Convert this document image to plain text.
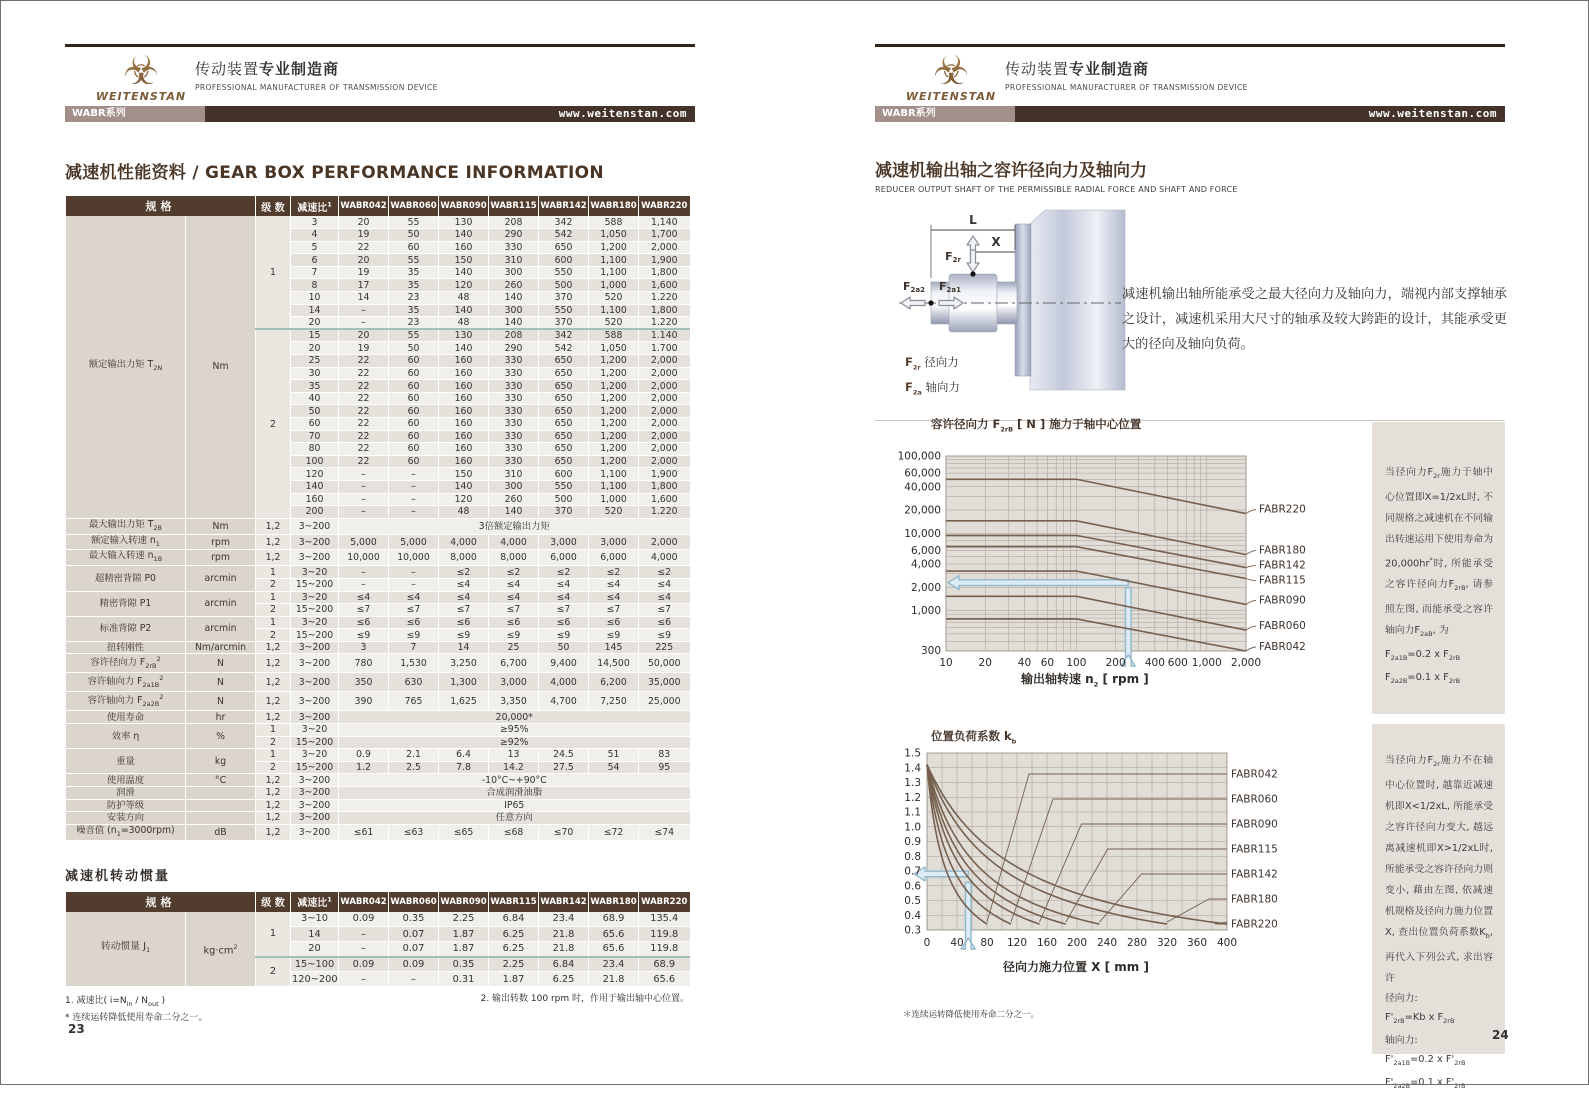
☣
WEITENSTAN
传动装置专业制造商
PROFESSIONAL MANUFACTURER OF TRANSMISSION DEVICE
WABR系列	www.weitenstan.com
减速机性能资料 / GEAR BOX PERFORMANCE INFORMATION
规格		级 数	减速比$^1$	WABR042	WABR060	WABR090	WABR115	WABR142	WABR180	WABR220
额定输出力矩 $T_{2N}$	Nm	1	3	20	55	130	208	342	588	1,140
			4	19	50	140	290	542	1,050	1,700
			5	22	60	160	330	650	1,200	2,000
			6	20	55	150	310	600	1,100	1,900
			7	19	35	140	300	550	1,100	1,800
			8	17	35	120	260	500	1,000	1,600
			10	14	23	48	140	370	520	1.220
			14	–	35	140	300	550	1,100	1,800
			20	–	23	48	140	370	520	1.220
		2	15	20	55	130	208	342	588	1.140
			20	19	50	140	290	542	1,050	1.700
			25	22	60	160	330	650	1,200	2,000
			30	22	60	160	330	650	1,200	2,000
			35	22	60	160	330	650	1,200	2,000
			40	22	60	160	330	650	1,200	2,000
			50	22	60	160	330	650	1,200	2,000
			60	22	60	160	330	650	1,200	2,000
			70	22	60	160	330	650	1,200	2,000
			80	22	60	160	330	650	1,200	2,000
			100	22	60	160	330	650	1,200	2,000
			120	–	–	150	310	600	1,100	1,900
			140	–	–	140	300	550	1,100	1,800
			160	–	–	120	260	500	1,000	1,600
			200	–	–	48	140	370	520	1.220
最大输出力矩 $T_{2B}$	Nm	1,2	3~200	3倍额定输出力矩						
额定输入转速 $n_1$	rpm	1,2	3~200	5,000	5,000	4,000	4,000	3,000	3,000	2,000
最大输入转速 $n_{1B}$	rpm	1,2	3~200	10,000	10,000	8,000	8,000	6,000	6,000	4,000
超精密背隙 P0	arcmin	1	3~20	–	–	≤2	≤2	≤2	≤2	≤2
		2	15~200	–	–	≤4	≤4	≤4	≤4	≤4
精密背隙 P1	arcmin	1	3~20	≤4	≤4	≤4	≤4	≤4	≤4	≤4
		2	15~200	≤7	≤7	≤7	≤7	≤7	≤7	≤7
标准背隙 P2	arcmin	1	3~20	≤6	≤6	≤6	≤6	≤6	≤6	≤6
		2	15~200	≤9	≤9	≤9	≤9	≤9	≤9	≤9
扭转刚性	Nm/arcmin	1,2	3~200	3	7	14	25	50	145	225
容许径向力 $F_{2rB}^2$	N	1,2	3~200	780	1,530	3,250	6,700	9,400	14,500	50,000
容许轴向力 $F_{2a1B}^2$	N	1,2	3~200	350	630	1,300	3,000	4,000	6,200	35,000
容许轴向力 $F_{2a2B}^2$	N	1,2	3~200	390	765	1,625	3,350	4,700	7,250	25,000
使用寿命	hr	1,2	3~200	20,000*						
效率 η	%	1	3~20	≥95%						
		2	15~200	≥92%						
重量	kg	1	3~20	0.9	2.1	6.4	13	24.5	51	83
		2	15~200	1.2	2.5	7.8	14.2	27.5	54	95
使用温度	°C	1,2	3~200	-10°C~+90°C						
润滑		1,2	3~200	合成润滑油脂						
防护等级		1,2	3~200	IP65						
安装方向		1,2	3~200	任意方向						
噪音值 $(n_1=3000rpm)$	dB	1,2	3~200	≤61	≤63	≤65	≤68	≤70	≤72	≤74
减速机转动惯量
规格		级 数	减速比$^1$	WABR042	WABR060	WABR090	WABR115	WABR142	WABR180	WABR220
转动惯量 $J_1$	$kg\cdot cm^2$	1	3~10	0.09	0.35	2.25	6.84	23.4	68.9	135.4
			14	–	0.07	1.87	6.25	21.8	65.6	119.8
			20	–	0.07	1.87	6.25	21.8	65.6	119.8
		2	15~100	0.09	0.09	0.35	2.25	6.84	23.4	68.9
			120~200	–	–	0.31	1.87	6.25	21.8	65.6
1. 减速比( $i=N_{in} / N_{out}$ )
* 连续运转降低使用寿命二分之一。
2. 输出转数 100 rpm 时，作用于输出轴中心位置。
23
☣
WEITENSTAN
传动装置专业制造商
PROFESSIONAL MANUFACTURER OF TRANSMISSION DEVICE
WABR系列	www.weitenstan.com
减速机输出轴之容许径向力及轴向力
REDUCER OUTPUT SHAFT OF THE PERMISSIBLE RADIAL FORCE AND SHAFT AND FORCE
L
X
F2r
F2a2 F2a1	减速机输出轴所能承受之最大径向力及轴向力，端视内部支撑轴承之设计，减速机采用大尺寸的轴承及较大跨距的设计，其能承受更大的径向及轴向负荷。
$F_{2r}$ 径向力
$F_{2a}$ 轴向力
容许径向力 $F_{2rB}$ [ N ] 施力于轴中心位置
FABR220
FABR180
FABR142
FABR115
FABR090
FABR060
FABR042
10 20 40 60 100 200 400 600 1,000 2,000
300
1,000
2,000
4,000
6,000
10,000
20,000
40,000
60,000
100,000
输出轴转速 $n_2$ [ rpm ]
当径向力$F_{2r}$施力于轴中心位置即X=1/2xL时, 不同规格之减速机在不同输出转速运用下使用寿命为20,000hr*时, 所能承受之容许径向力$F_{2rB}$, 请参照左图, 而能承受之容许轴向力$F_{2aB}$, 为
$F_{2a1B}=0.2$ x $F_{2rB}$
$F_{2a2B}=0.1$ x $F_{2rB}$
位置负荷系数 $k_b$
FABR042
FABR060
FABR090
FABR115
FABR142
FABR180
FABR220
0 40 80 120 160 200 240 280 320 360 400
0.3
0.4
0.5
0.6
0.7
0.8
0.9
1.0
1.1
1.2
1.3
1.4
1.5
径向力施力位置 X [ mm ]
当径向力$F_{2r}$施力不在轴中心位置时, 越靠近减速机即X<1/2xL, 所能承受之容许径向力变大, 越远离减速机即X>1/2xL时, 所能承受之容许径向力则变小, 藉由左图, 依减速机规格及径向力施力位置X, 查出位置负荷系数$K_b$, 再代入下列公式, 求出容许
径向力:
$F'_{2rB}=Kb$ x $F_{2rB}$
轴向力:
$F'_{2a1B}=0.2$ x $F'_{2rB}$
$F'_{2a2B}=0.1$ x $F'_{2rB}$
＊连续运转降低使用寿命二分之一。
24
